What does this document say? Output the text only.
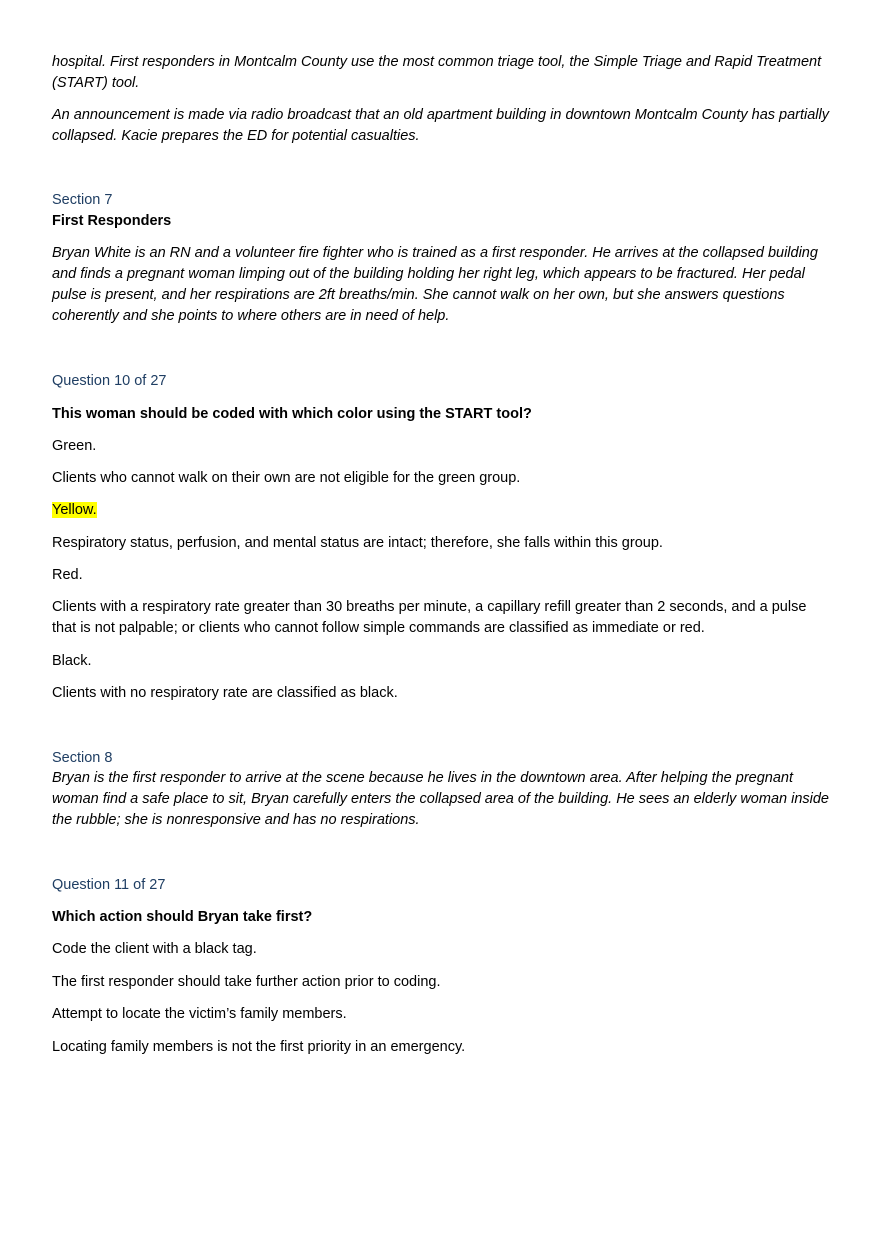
hospital. First responders in Montcalm County use the most common triage tool, the Simple Triage and Rapid Treatment (START) tool.

An announcement is made via radio broadcast that an old apartment building in downtown Montcalm County has partially collapsed. Kacie prepares the ED for potential casualties.

Section 7

First Responders

Bryan White is an RN and a volunteer fire fighter who is trained as a first responder. He arrives at the collapsed building and finds a pregnant woman limping out of the building holding her right leg, which appears to be fractured. Her pedal pulse is present, and her respirations are 2ft breaths/min. She cannot walk on her own, but she answers questions coherently and she points to where others are in need of help.

Question 10 of 27

This woman should be coded with which color using the START tool?

Green.

Clients who cannot walk on their own are not eligible for the green group.

Yellow.

Respiratory status, perfusion, and mental status are intact; therefore, she falls within this group.

Red.

Clients with a respiratory rate greater than 30 breaths per minute, a capillary refill greater than 2 seconds, and a pulse that is not palpable; or clients who cannot follow simple commands are classified as immediate or red.

Black.

Clients with no respiratory rate are classified as black.

Section 8

Bryan is the first responder to arrive at the scene because he lives in the downtown area. After helping the pregnant woman find a safe place to sit, Bryan carefully enters the collapsed area of the building. He sees an elderly woman inside the rubble; she is nonresponsive and has no respirations.

Question 11 of 27

Which action should Bryan take first?

Code the client with a black tag.

The first responder should take further action prior to coding.

Attempt to locate the victim’s family members.

Locating family members is not the first priority in an emergency.
